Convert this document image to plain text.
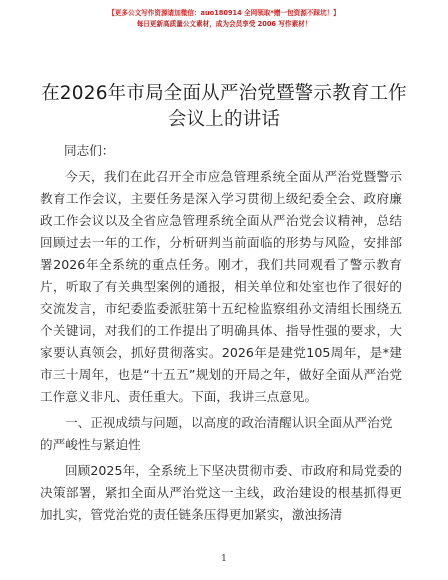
【更多公文写作资源请加微信：auo180914 全网领取*赠一包资源不踩坑！】
每日更新高质量公文素材，成为会员享受 2006 写作素材！
在2026年市局全面从严治党暨警示教育工作会议上的讲话
同志们：
今天，我们在此召开全市应急管理系统全面从严治党暨警示教育工作会议，主要任务是深入学习贯彻上级纪委全会、政府廉政工作会议以及全省应急管理系统全面从严治党会议精神，总结回顾过去一年的工作，分析研判当前面临的形势与风险，安排部署2026年全系统的重点任务。刚才，我们共同观看了警示教育片，听取了有关典型案例的通报，相关单位和处室也作了很好的交流发言，市纪委监委派驻第十五纪检监察组孙文清组长围绕五个关键词，对我们的工作提出了明确具体、指导性强的要求，大家要认真领会，抓好贯彻落实。2026年是建党105周年，是*建市三十周年，也是“十五五”规划的开局之年，做好全面从严治党工作意义非凡、责任重大。下面，我讲三点意见。
一、正视成绩与问题，以高度的政治清醒认识全面从严治党的严峻性与紧迫性
回顾2025年，全系统上下坚决贯彻市委、市政府和局党委的决策部署，紧扣全面从严治党这一主线，政治建设的根基抓得更加扎实，管党治党的责任链条压得更加紧实，激浊扬清
1
